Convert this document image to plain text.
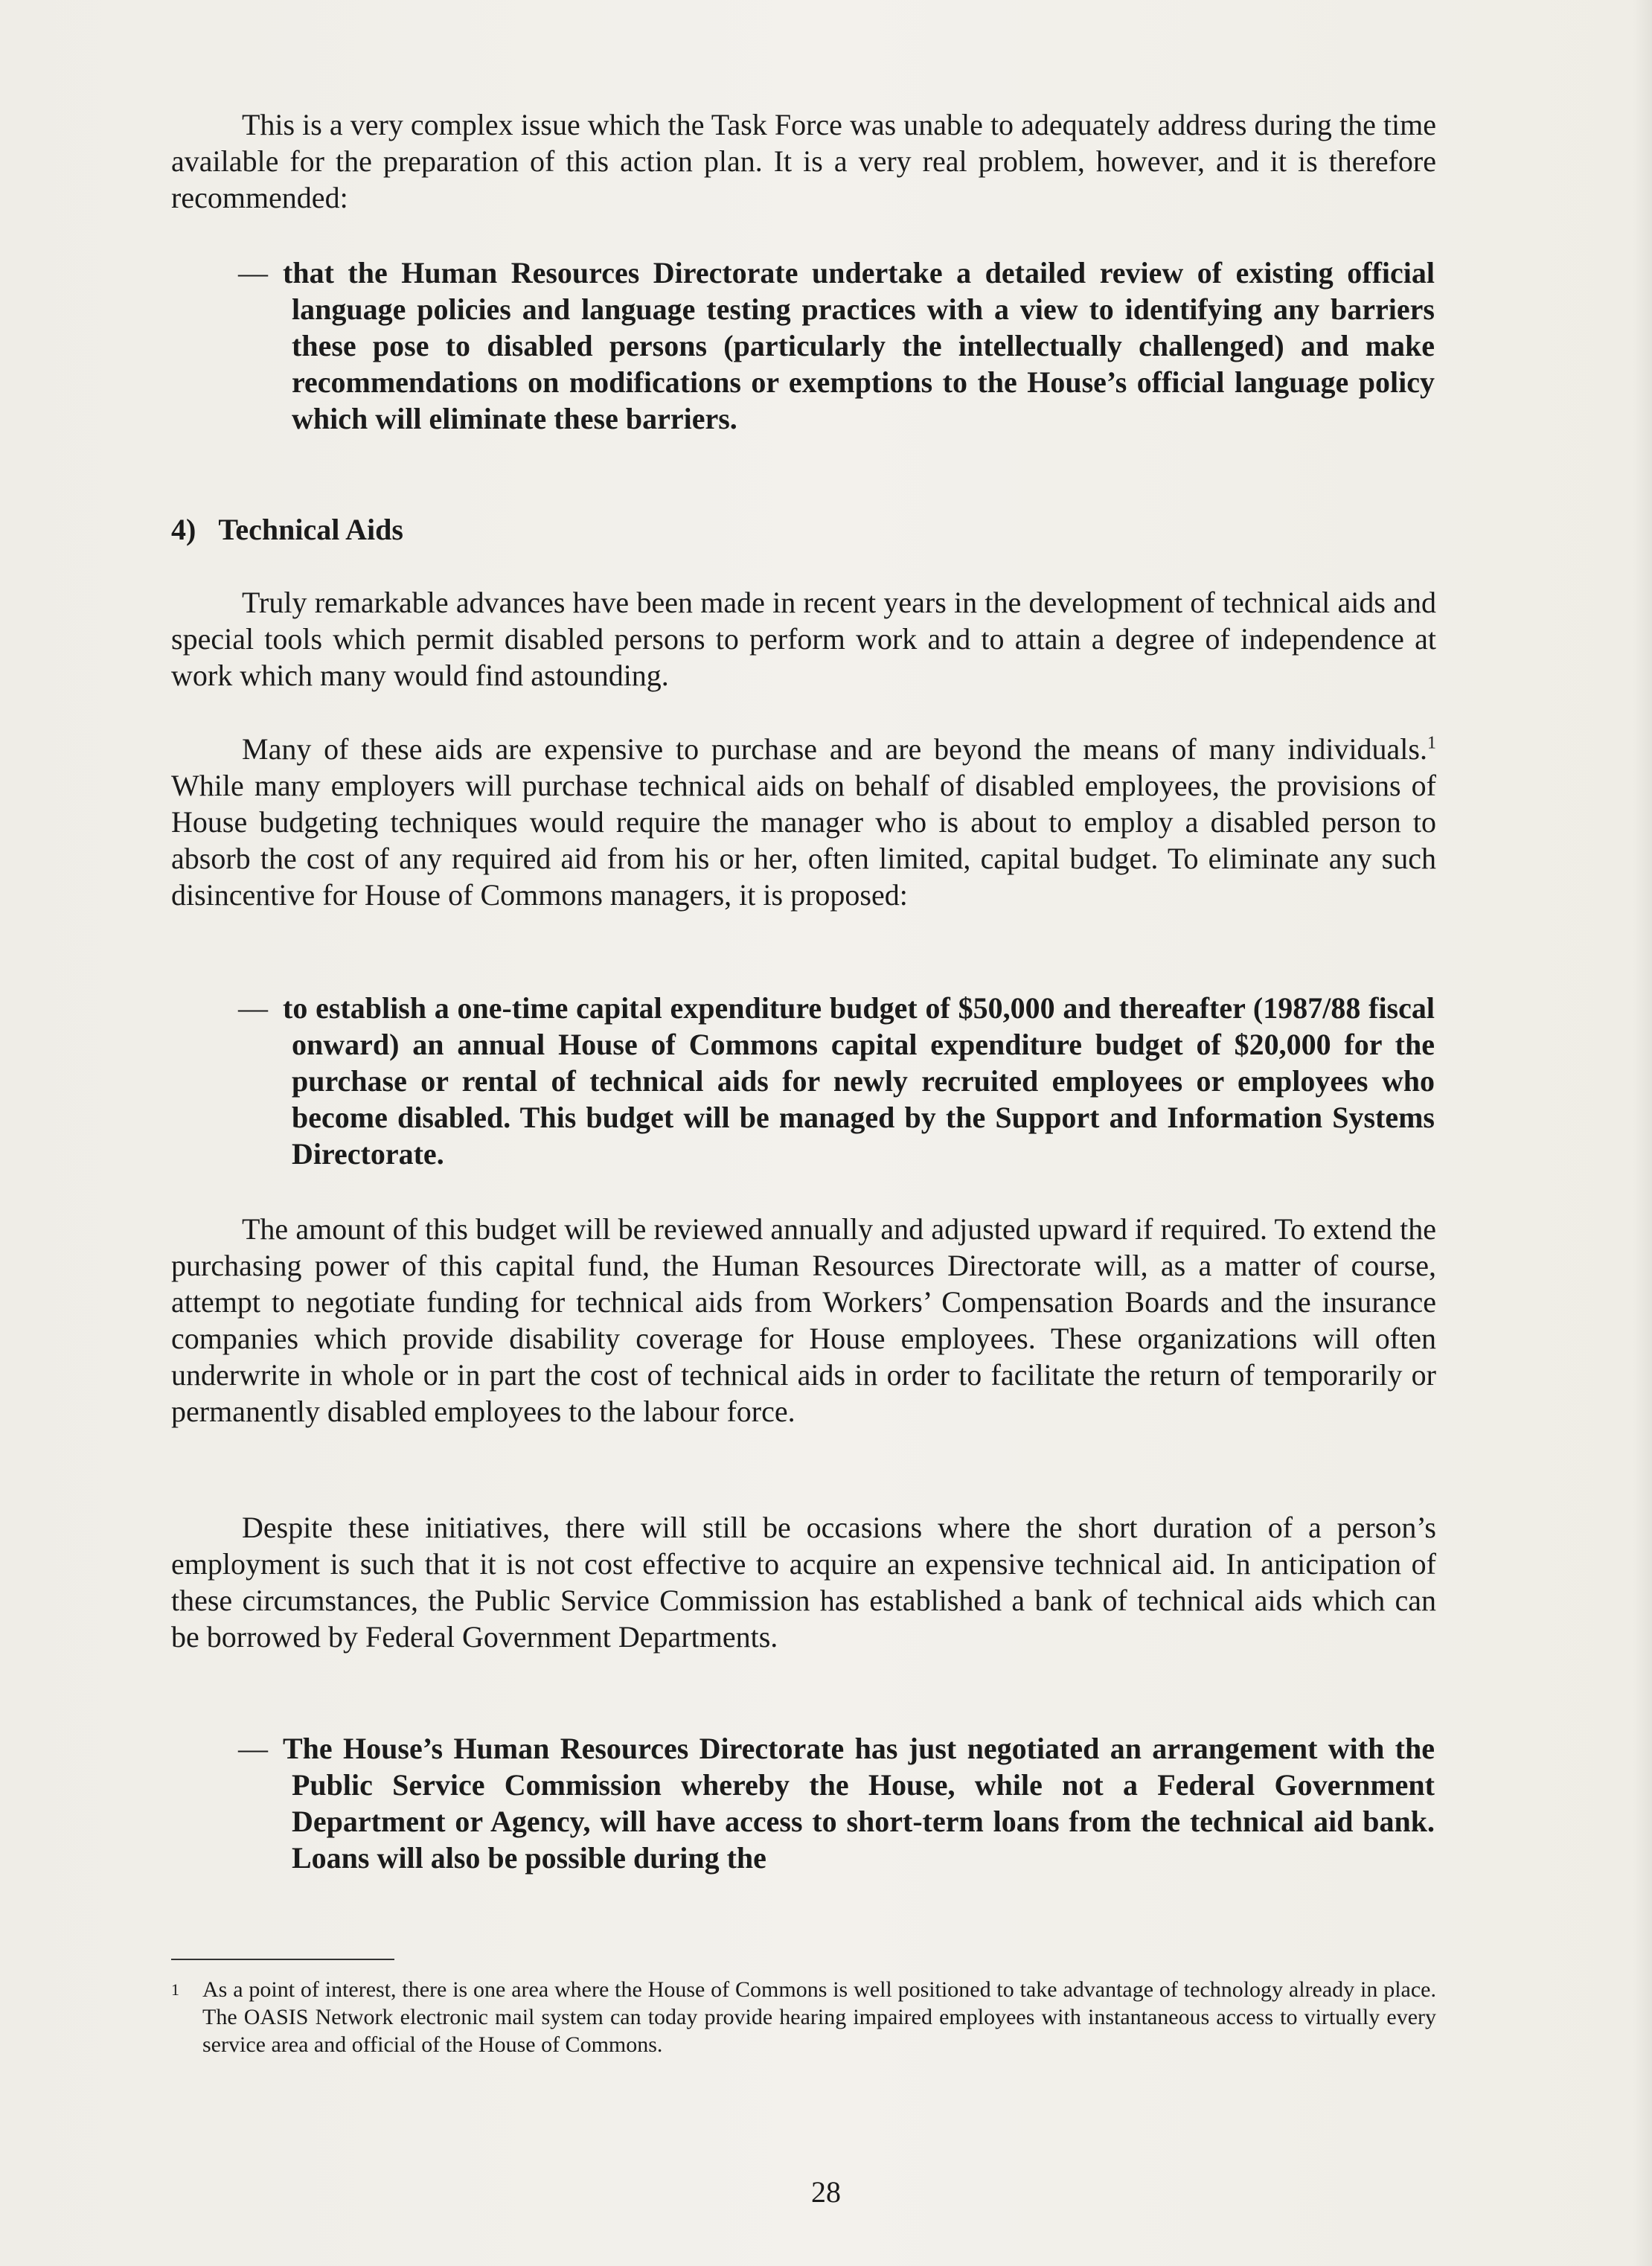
This is a very complex issue which the Task Force was unable to adequately address during the time available for the preparation of this action plan. It is a very real problem, however, and it is therefore recommended:

— that the Human Resources Directorate undertake a detailed review of existing official language policies and language testing practices with a view to identifying any barriers these pose to disabled persons (particularly the intellectually challenged) and make recommendations on modifications or exemptions to the House’s official language policy which will eliminate these barriers.

4) Technical Aids

Truly remarkable advances have been made in recent years in the development of technical aids and special tools which permit disabled persons to perform work and to attain a degree of independence at work which many would find astounding.

Many of these aids are expensive to purchase and are beyond the means of many individuals.$^1$ While many employers will purchase technical aids on behalf of disabled employees, the provisions of House budgeting techniques would require the manager who is about to employ a disabled person to absorb the cost of any required aid from his or her, often limited, capital budget. To eliminate any such disincentive for House of Commons managers, it is proposed:

— to establish a one-time capital expenditure budget of $50,000 and thereafter (1987/88 fiscal onward) an annual House of Commons capital expenditure budget of $20,000 for the purchase or rental of technical aids for newly recruited employees or employees who become disabled. This budget will be managed by the Support and Information Systems Directorate.

The amount of this budget will be reviewed annually and adjusted upward if required. To extend the purchasing power of this capital fund, the Human Resources Directorate will, as a matter of course, attempt to negotiate funding for technical aids from Workers’ Compensation Boards and the insurance companies which provide disability coverage for House employees. These organizations will often underwrite in whole or in part the cost of technical aids in order to facilitate the return of temporarily or permanently disabled employees to the labour force.

Despite these initiatives, there will still be occasions where the short duration of a person’s employment is such that it is not cost effective to acquire an expensive technical aid. In anticipation of these circumstances, the Public Service Commission has established a bank of technical aids which can be borrowed by Federal Government Departments.

— The House’s Human Resources Directorate has just negotiated an arrangement with the Public Service Commission whereby the House, while not a Federal Government Department or Agency, will have access to short-term loans from the technical aid bank. Loans will also be possible during the

1 As a point of interest, there is one area where the House of Commons is well positioned to take advantage of technology already in place. The OASIS Network electronic mail system can today provide hearing impaired employees with instantaneous access to virtually every service area and official of the House of Commons.

28
